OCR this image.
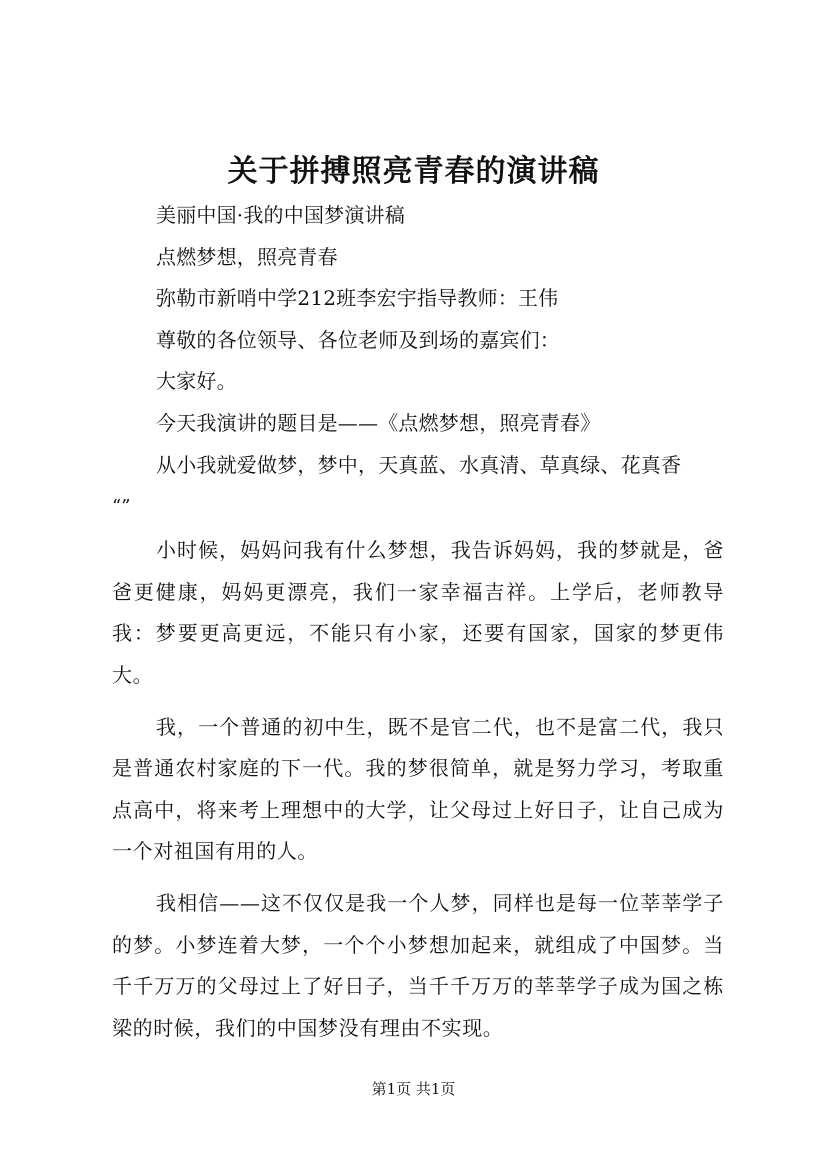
关于拼搏照亮青春的演讲稿

美丽中国·我的中国梦演讲稿

点燃梦想，照亮青春

弥勒市新哨中学212班李宏宇指导教师：王伟

尊敬的各位领导、各位老师及到场的嘉宾们：

大家好。

今天我演讲的题目是——《点燃梦想，照亮青春》

从小我就爱做梦，梦中，天真蓝、水真清、草真绿、花真香

“”

小时候，妈妈问我有什么梦想，我告诉妈妈，我的梦就是，爸爸更健康，妈妈更漂亮，我们一家幸福吉祥。上学后，老师教导我：梦要更高更远，不能只有小家，还要有国家，国家的梦更伟大。

我，一个普通的初中生，既不是官二代，也不是富二代，我只是普通农村家庭的下一代。我的梦很简单，就是努力学习，考取重点高中，将来考上理想中的大学，让父母过上好日子，让自己成为一个对祖国有用的人。

我相信——这不仅仅是我一个人梦，同样也是每一位莘莘学子的梦。小梦连着大梦，一个个小梦想加起来，就组成了中国梦。当千千万万的父母过上了好日子，当千千万万的莘莘学子成为国之栋梁的时候，我们的中国梦没有理由不实现。

第1页 共1页
